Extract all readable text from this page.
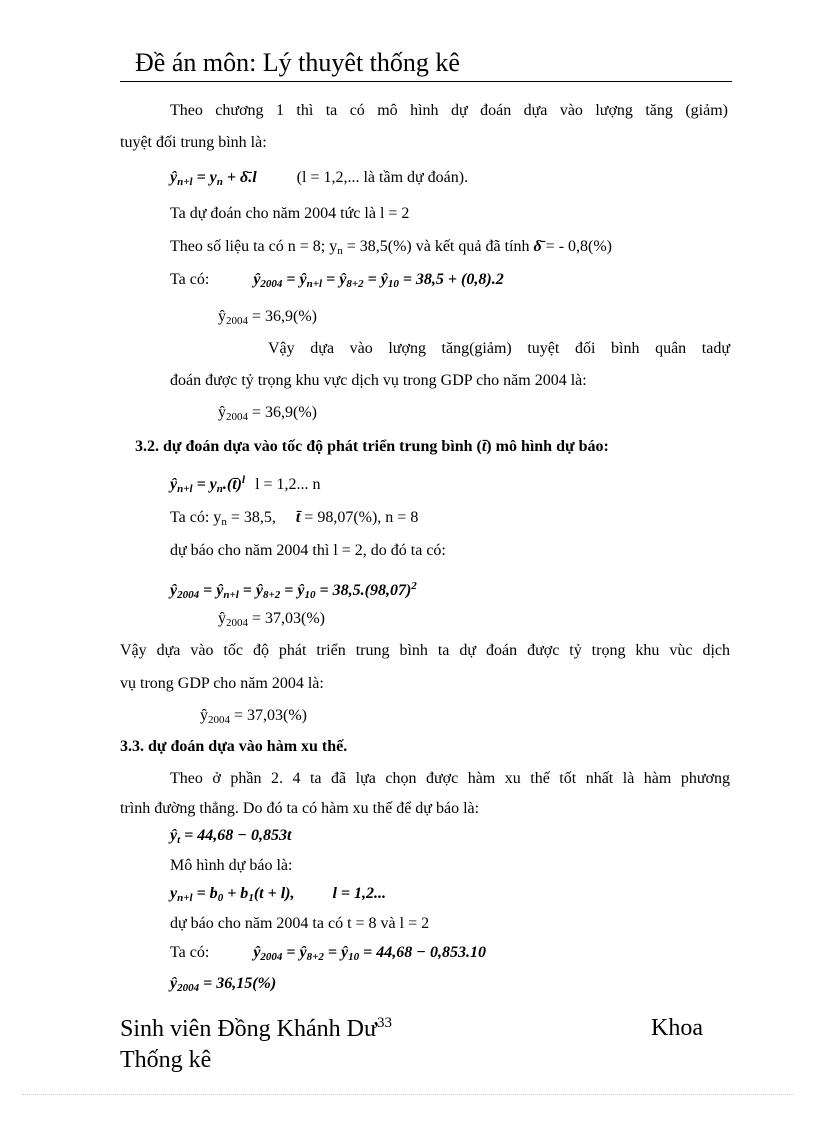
Đề án môn: Lý thuyêt thống kê
Theo chương 1 thì ta có mô hình dự đoán dựa vào lượng tăng (giảm)
tuyệt đối trung bình là:
ŷn+l = yn + δ̄.l	(l = 1,2,... là tầm dự đoán).
Ta dự đoán cho năm 2004 tức là l = 2
Theo số liệu ta có n = 8; yn = 38,5(%) và kết quả đã tính δ̄ = - 0,8(%)
Ta có:	ŷ2004 = ŷn+l = ŷ8+2 = ŷ10 = 38,5 + (0,8).2
ŷ2004 = 36,9(%)
Vậy dựa vào lượng tăng(giảm) tuyệt đối bình quân tadự
đoán được tỷ trọng khu vực dịch vụ trong GDP cho năm 2004 là:
ŷ2004 = 36,9(%)
3.2. dự đoán dựa vào tốc độ phát triển trung bình (t̄) mô hình dự báo:
ŷn+l = yn.(t̄)$^l$ l = 1,2... n
Ta có: yn = 38,5, t̄ = 98,07(%), n = 8
dự báo cho năm 2004 thì l = 2, do đó ta có:
ŷ2004 = ŷn+l = ŷ8+2 = ŷ10 = $38,5.(98,07)^2$
ŷ2004 = 37,03(%)
Vậy dựa vào tốc độ phát triển trung bình ta dự đoán được tỷ trọng khu vùc dịch
vụ trong GDP cho năm 2004 là:
ŷ2004 = 37,03(%)
3.3. dự đoán dựa vào hàm xu thế.
Theo ở phần 2. 4 ta đã lựa chọn được hàm xu thế tốt nhất là hàm phương
trình đường thẳng. Do đó ta có hàm xu thế để dự báo là:
ŷt = 44,68 − 0,853t
Mô hình dự báo là:
yn+l = b0 + b1(t + l), l = 1,2...
dự báo cho năm 2004 ta có t = 8 và l = 2
Ta có:	ŷ2004 = ŷ8+2 = ŷ10 = 44,68 − 0,853.10
ŷ2004 = 36,15(%)
Sinh viên Đồng Khánh $Dư^{33}$	Khoa
Thống kê
